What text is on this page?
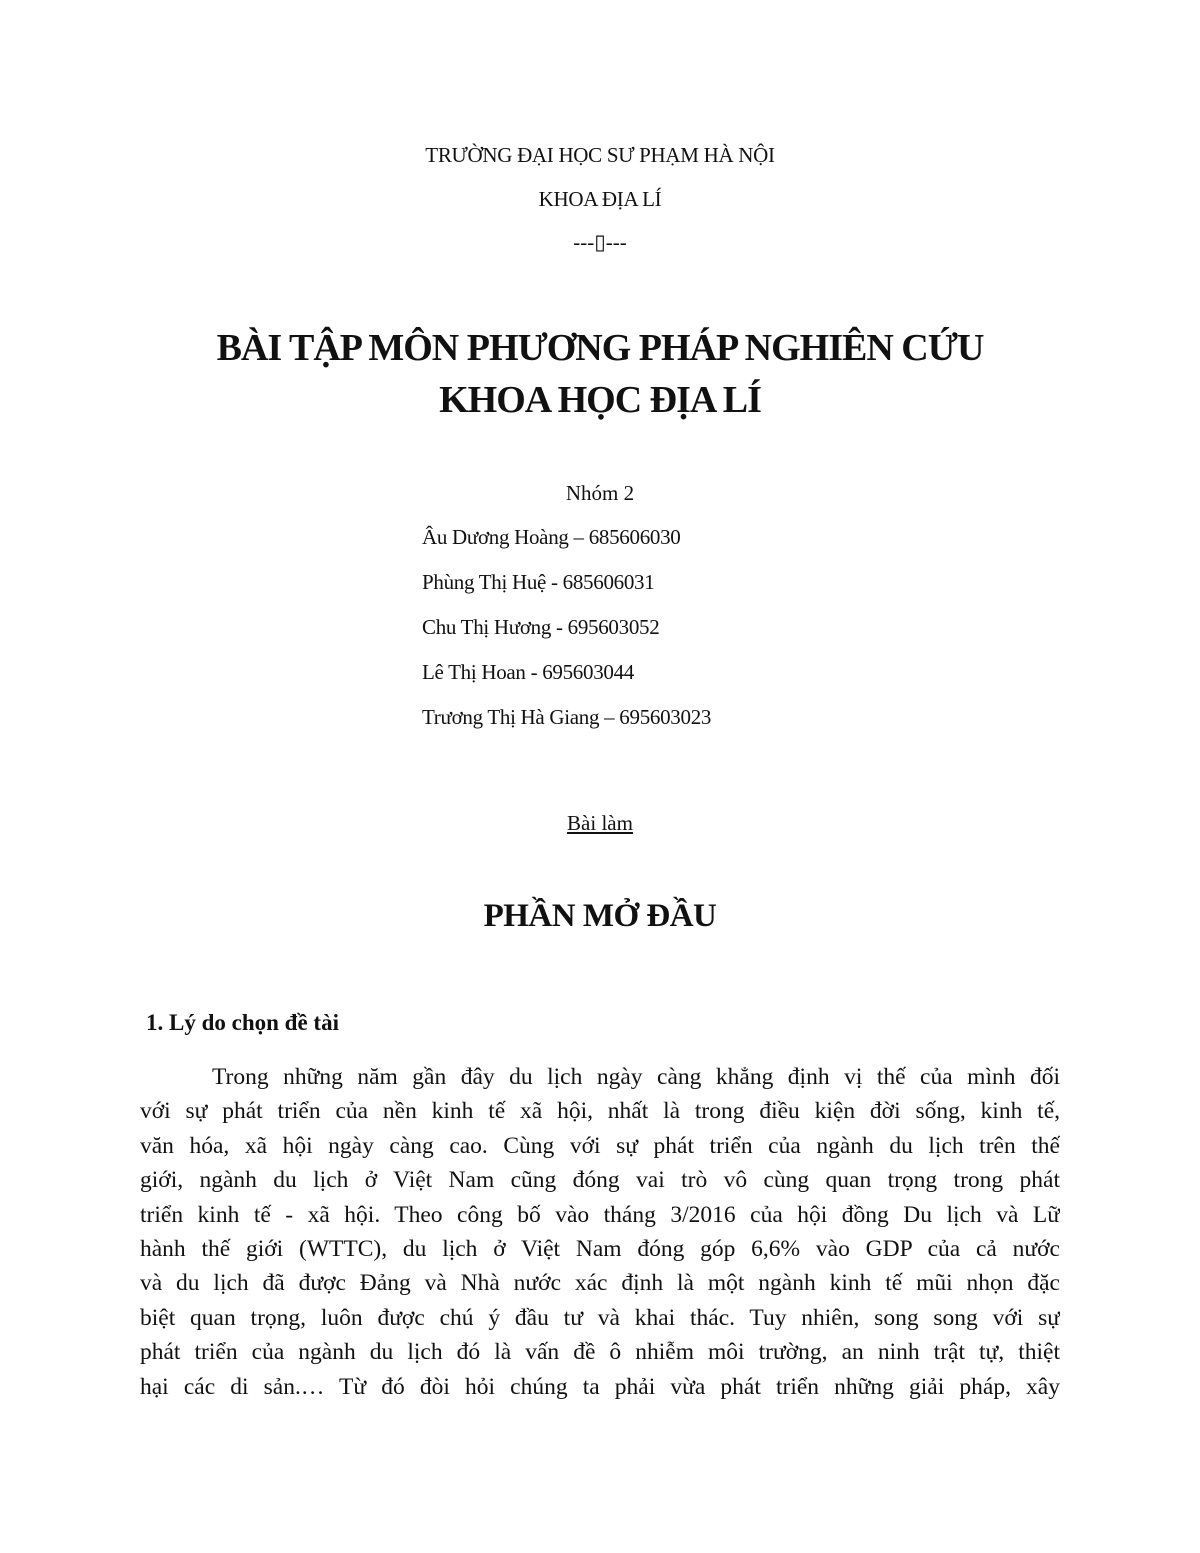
TRƯỜNG ĐẠI HỌC SƯ PHẠM HÀ NỘI
KHOA ĐỊA LÍ
---▯---
BÀI TẬP MÔN PHƯƠNG PHÁP NGHIÊN CỨU
KHOA HỌC ĐỊA LÍ
Nhóm 2
Âu Dương Hoàng – 685606030
Phùng Thị Huệ - 685606031
Chu Thị Hương - 695603052
Lê Thị Hoan - 695603044
Trương Thị Hà Giang – 695603023
Bài làm
PHẦN MỞ ĐẦU
1. Lý do chọn đề tài
Trong những năm gần đây du lịch ngày càng khẳng định vị thế của mình đối
với sự phát triển của nền kinh tế xã hội, nhất là trong điều kiện đời sống, kinh tế,
văn hóa, xã hội ngày càng cao. Cùng với sự phát triển của ngành du lịch trên thế
giới, ngành du lịch ở Việt Nam cũng đóng vai trò vô cùng quan trọng trong phát
triển kinh tế - xã hội. Theo công bố vào tháng 3/2016 của hội đồng Du lịch và Lữ
hành thế giới (WTTC), du lịch ở Việt Nam đóng góp 6,6% vào GDP của cả nước
và du lịch đã được Đảng và Nhà nước xác định là một ngành kinh tế mũi nhọn đặc
biệt quan trọng, luôn được chú ý đầu tư và khai thác. Tuy nhiên, song song với sự
phát triển của ngành du lịch đó là vấn đề ô nhiễm môi trường, an ninh trật tự, thiệt
hại các di sản.… Từ đó đòi hỏi chúng ta phải vừa phát triển những giải pháp, xây
